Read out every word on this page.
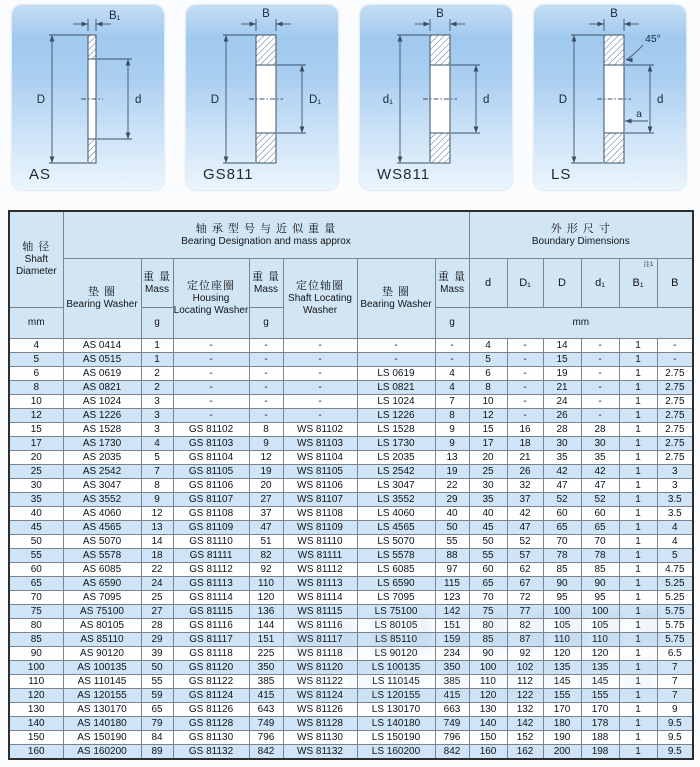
B₁
D	d
AS
B
D	D₁
GS811
B
d₁	d
WS811
B
D	d
a
45°
LS
轴 径
Shaft
Diameter

轴 承 型 号 与 近 似 重 量
Bearing Designation and mass approx

外 形 尺 寸
Boundary Dimensions

垫 圈
Bearing Washer

重 量
Mass	定位座圈
Housing Locating Washer

重 量
Mass	定位轴圈
Shaft Locating Washer

垫 圈
Bearing Washer

重 量
Mass
	d	D₁	D	d₁	
注1
B₁	B
mm		g		g			g	mm					
4	AS 0414	1	-	-	-	-	-	4	-	14	-	1	-
5	AS 0515	1	-	-	-	-	-	5	-	15	-	1	-
6	AS 0619	2	-	-	-	LS 0619	4	6	-	19	-	1	2.75
8	AS 0821	2	-	-	-	LS 0821	4	8	-	21	-	1	2.75
10	AS 1024	3	-	-	-	LS 1024	7	10	-	24	-	1	2.75
12	AS 1226	3	-	-	-	LS 1226	8	12	-	26	-	1	2.75
15	AS 1528	3	GS 81102	8	WS 81102	LS 1528	9	15	16	28	28	1	2.75
17	AS 1730	4	GS 81103	9	WS 81103	LS 1730	9	17	18	30	30	1	2.75
20	AS 2035	5	GS 81104	12	WS 81104	LS 2035	13	20	21	35	35	1	2.75
25	AS 2542	7	GS 81105	19	WS 81105	LS 2542	19	25	26	42	42	1	3
30	AS 3047	8	GS 81106	20	WS 81106	LS 3047	22	30	32	47	47	1	3
35	AS 3552	9	GS 81107	27	WS 81107	LS 3552	29	35	37	52	52	1	3.5
40	AS 4060	12	GS 81108	37	WS 81108	LS 4060	40	40	42	60	60	1	3.5
45	AS 4565	13	GS 81109	47	WS 81109	LS 4565	50	45	47	65	65	1	4
50	AS 5070	14	GS 81110	51	WS 81110	LS 5070	55	50	52	70	70	1	4
55	AS 5578	18	GS 81111	82	WS 81111	LS 5578	88	55	57	78	78	1	5
60	AS 6085	22	GS 81112	92	WS 81112	LS 6085	97	60	62	85	85	1	4.75
65	AS 6590	24	GS 81113	110	WS 81113	LS 6590	115	65	67	90	90	1	5.25
70	AS 7095	25	GS 81114	120	WS 81114	LS 7095	123	70	72	95	95	1	5.25
75	AS 75100	27	GS 81115	136	WS 81115	LS 75100	142	75	77	100	100	1	5.75
80	AS 80105	28	GS 81116	144	WS 81116	LS 80105	151	80	82	105	105	1	5.75
85	AS 85110	29	GS 81117	151	WS 81117	LS 85110	159	85	87	110	110	1	5.75
90	AS 90120	39	GS 81118	225	WS 81118	LS 90120	234	90	92	120	120	1	6.5
100	AS 100135	50	GS 81120	350	WS 81120	LS 100135	350	100	102	135	135	1	7
110	AS 110145	55	GS 81122	385	WS 81122	LS 110145	385	110	112	145	145	1	7
120	AS 120155	59	GS 81124	415	WS 81124	LS 120155	415	120	122	155	155	1	7
130	AS 130170	65	GS 81126	643	WS 81126	LS 130170	663	130	132	170	170	1	9
140	AS 140180	79	GS 81128	749	WS 81128	LS 140180	749	140	142	180	178	1	9.5
150	AS 150190	84	GS 81130	796	WS 81130	LS 150190	796	150	152	190	188	1	9.5
160	AS 160200	89	GS 81132	842	WS 81132	LS 160200	842	160	162	200	198	1	9.5
